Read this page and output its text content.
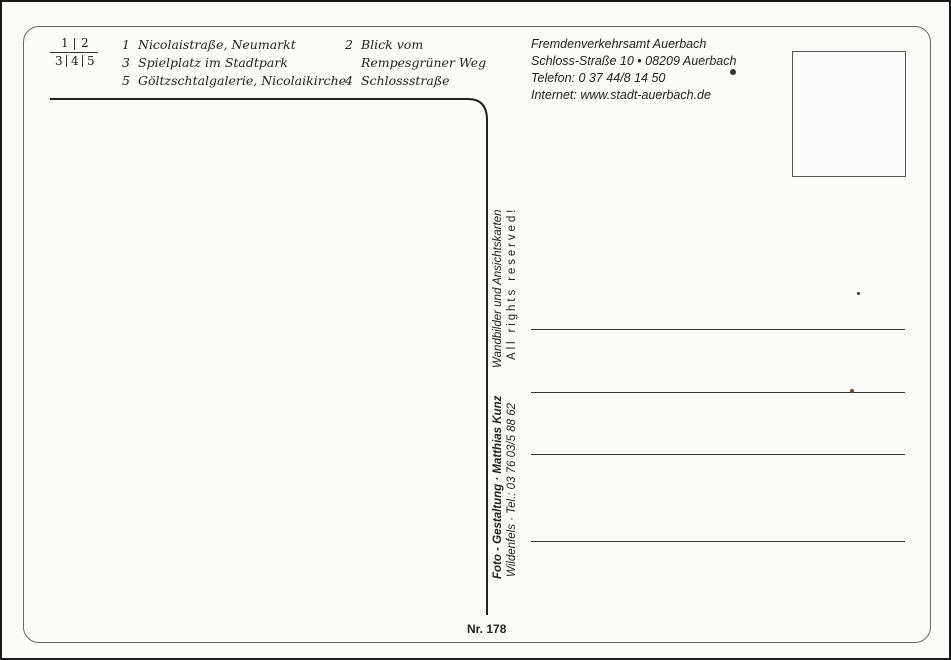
1 2
3 4 5
1 Nicolaistraße, Neumarkt
3 Spielplatz im Stadtpark
5 Göltzschtalgalerie, Nicolaikirche
2 Blick vom
Rempesgrüner Weg
4 Schlossstraße
Fremdenverkehrsamt Auerbach
Schloss-Straße 10 • 08209 Auerbach
Telefon: 0 37 44/8 14 50
Internet: www.stadt-auerbach.de
Wandbilder und Ansichtskarten All rights reserved!
Foto - Gestaltung · Matthias Kunz Wildenfels · Tel.: 03 76 03/5 88 62
Nr. 178
